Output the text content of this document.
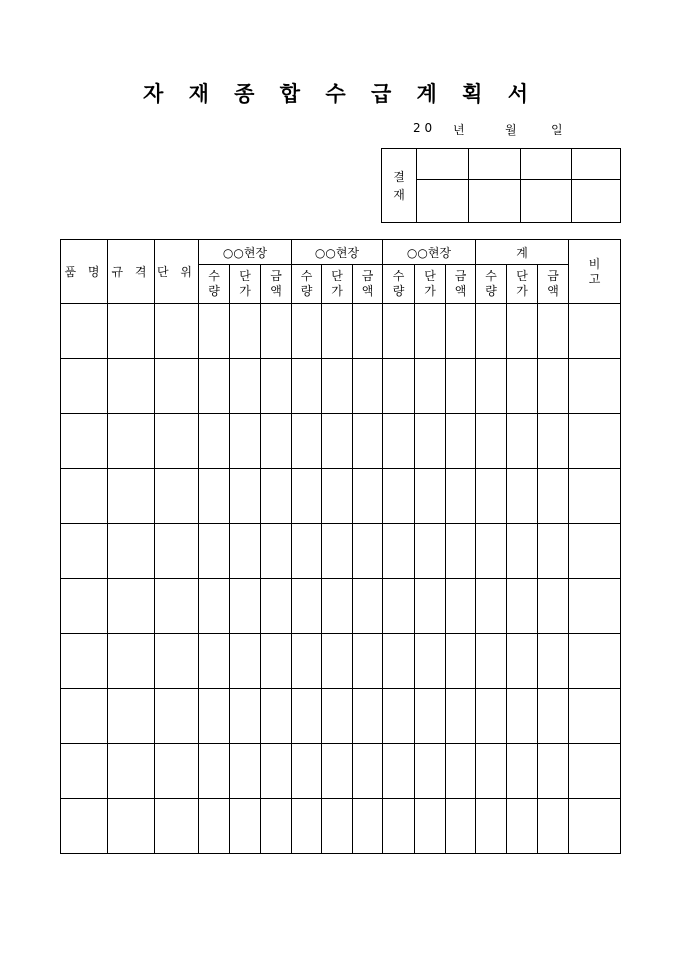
자 재 종 합 수 급 계 획 서
2 0 년	월	일
결재				

품 명	규 격	단 위	○○현장			○○현장			○○현장			계			비고
			수량	단가	금액	수량	단가	금액	수량	단가	금액	수량	단가	금액	
